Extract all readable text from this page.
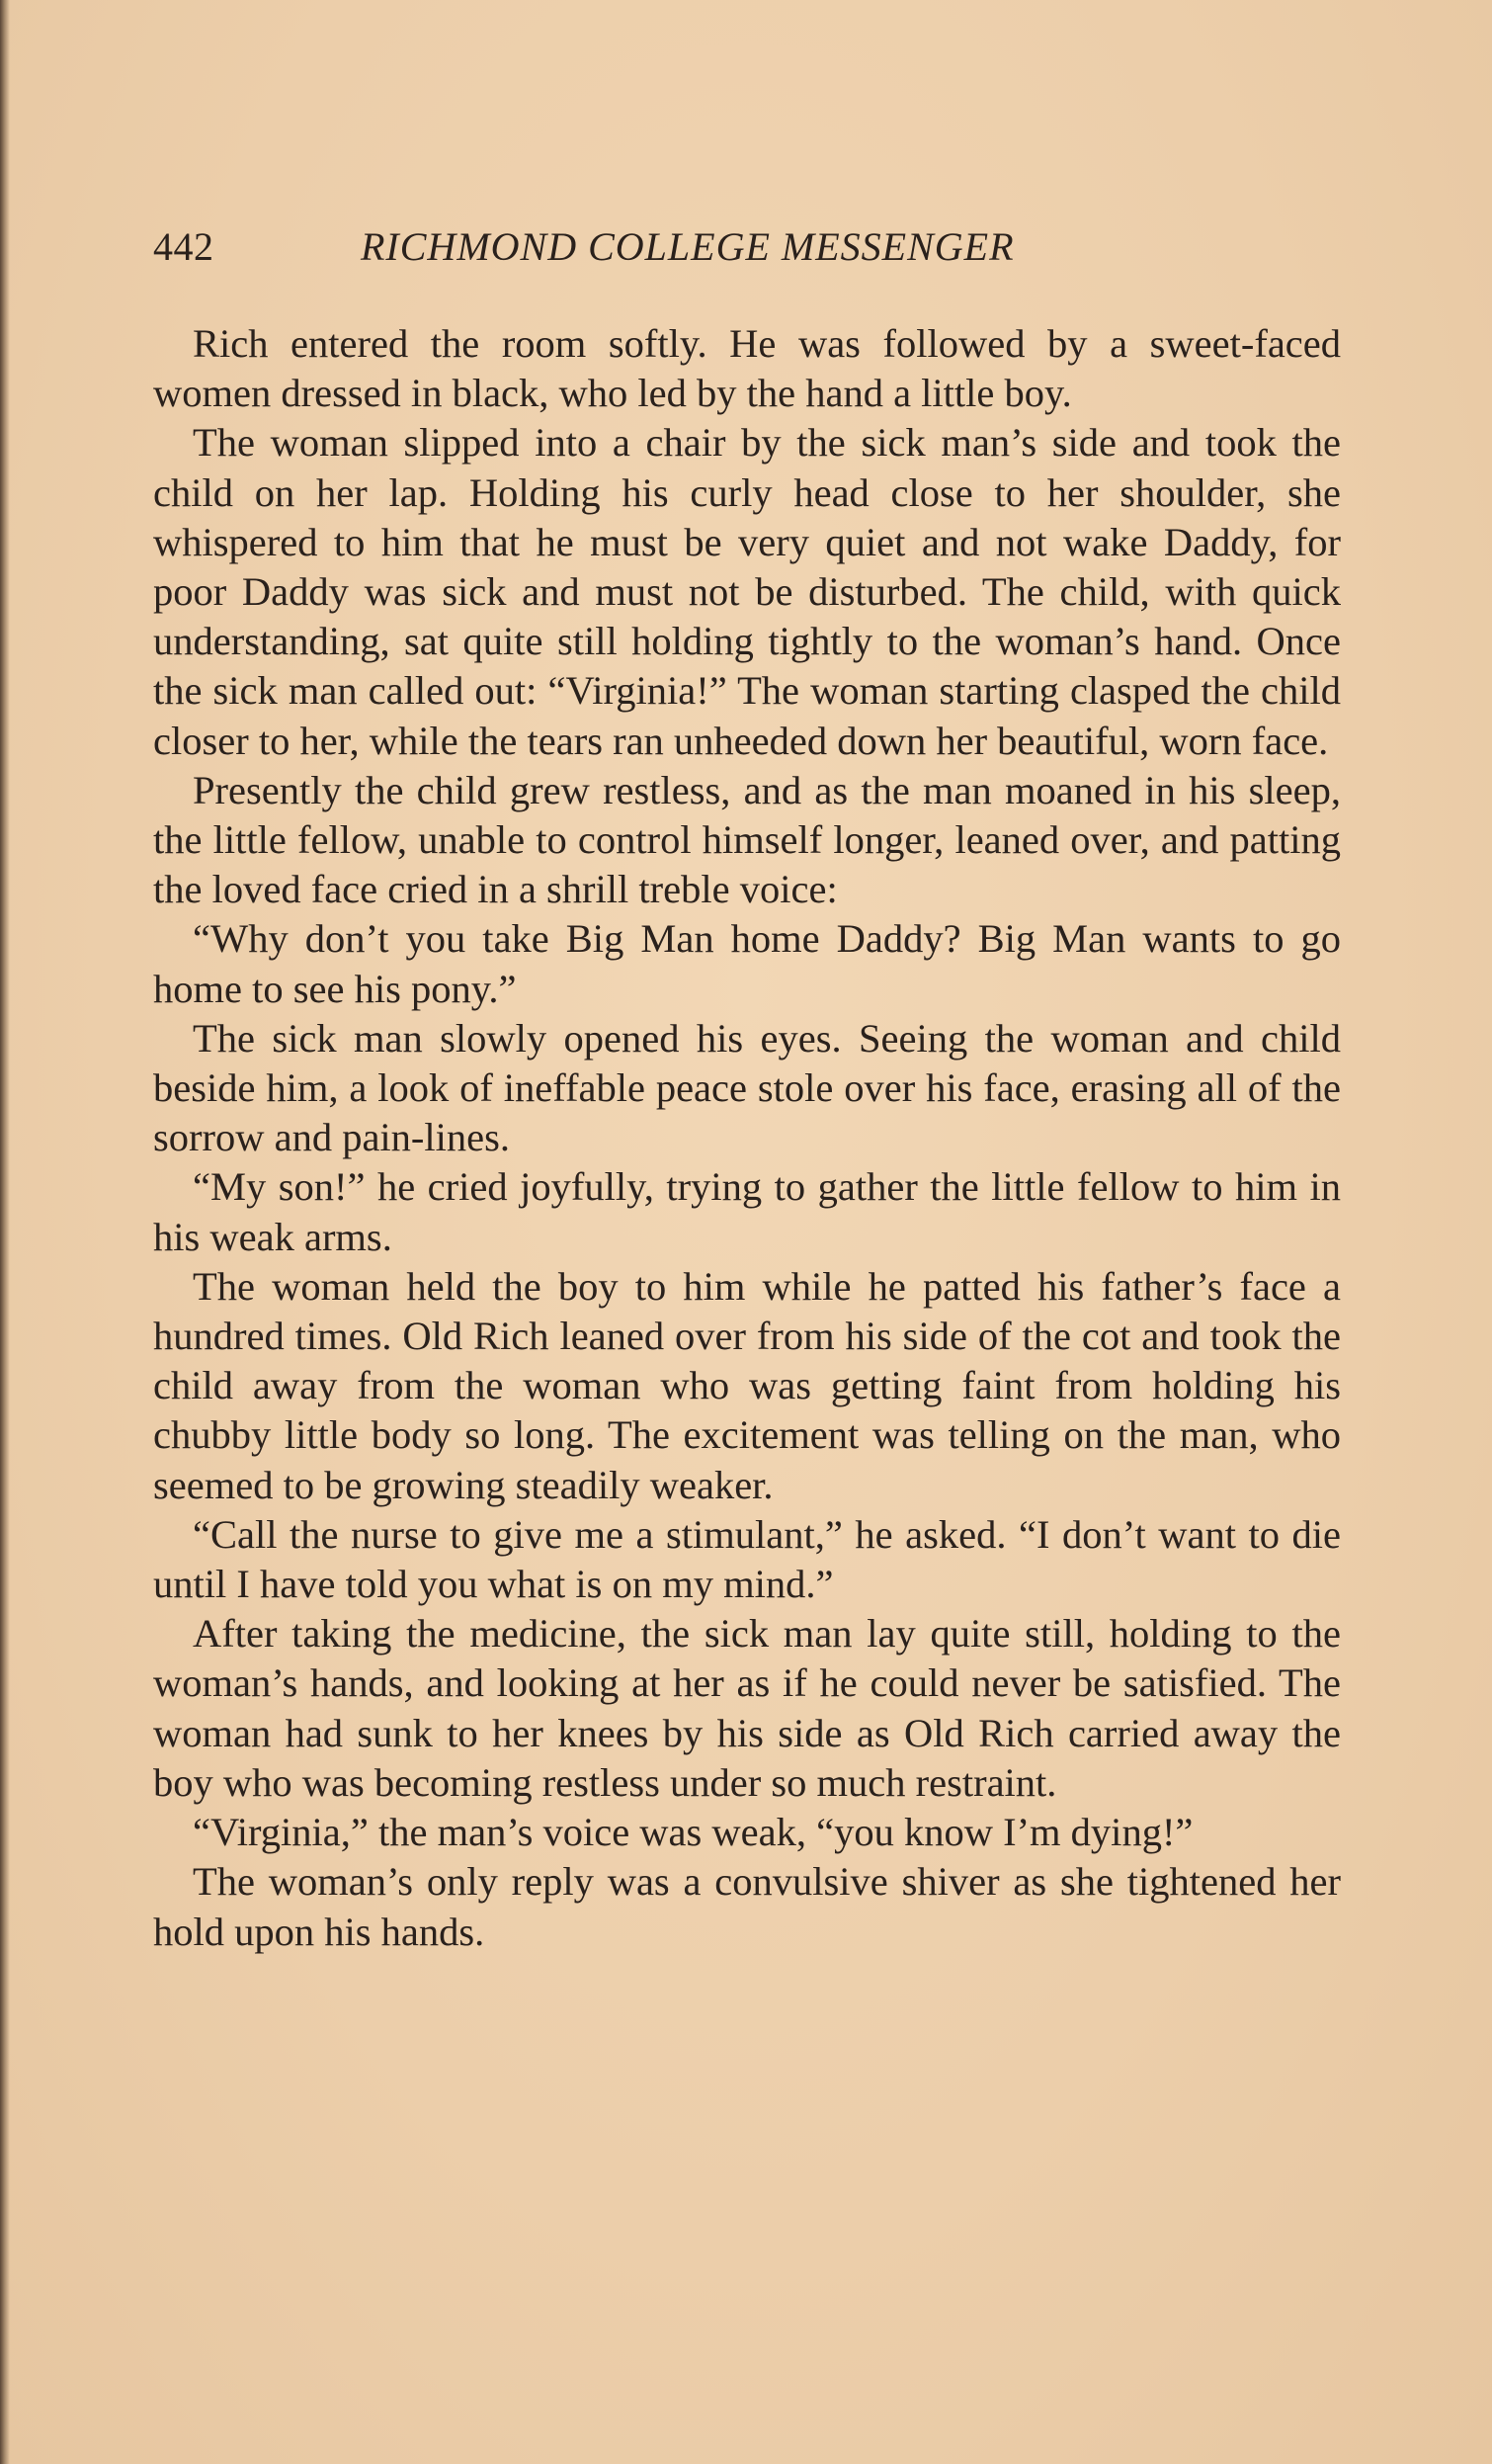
442	RICHMOND COLLEGE MESSENGER

Rich entered the room softly. He was followed by a sweet-faced women dressed in black, who led by the hand a little boy.

The woman slipped into a chair by the sick man’s side and took the child on her lap. Holding his curly head close to her shoulder, she whispered to him that he must be very quiet and not wake Daddy, for poor Daddy was sick and must not be disturbed. The child, with quick understanding, sat quite still holding tightly to the woman’s hand. Once the sick man called out: “Virginia!” The woman starting clasped the child closer to her, while the tears ran unheeded down her beautiful, worn face.

Presently the child grew restless, and as the man moaned in his sleep, the little fellow, unable to control himself longer, leaned over, and patting the loved face cried in a shrill treble voice:

“Why don’t you take Big Man home Daddy? Big Man wants to go home to see his pony.”

The sick man slowly opened his eyes. Seeing the woman and child beside him, a look of ineffable peace stole over his face, erasing all of the sorrow and pain-lines.

“My son!” he cried joyfully, trying to gather the little fellow to him in his weak arms.

The woman held the boy to him while he patted his father’s face a hundred times. Old Rich leaned over from his side of the cot and took the child away from the woman who was getting faint from holding his chubby little body so long. The excitement was telling on the man, who seemed to be growing steadily weaker.

“Call the nurse to give me a stimulant,” he asked. “I don’t want to die until I have told you what is on my mind.”

After taking the medicine, the sick man lay quite still, holding to the woman’s hands, and looking at her as if he could never be satisfied. The woman had sunk to her knees by his side as Old Rich carried away the boy who was becoming restless under so much restraint.

“Virginia,” the man’s voice was weak, “you know I’m dying!”

The woman’s only reply was a convulsive shiver as she tightened her hold upon his hands.
